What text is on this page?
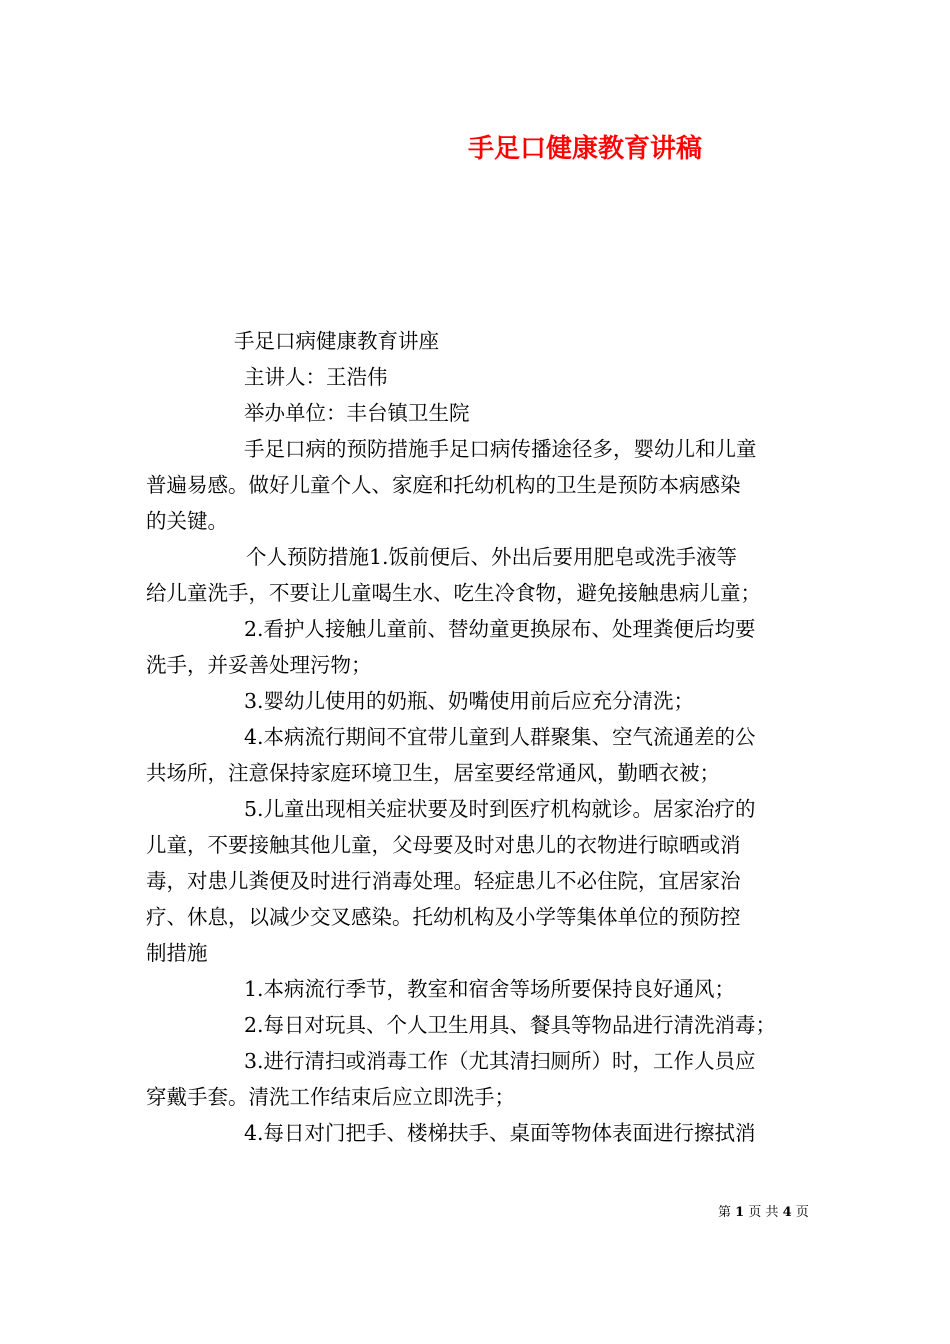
手足口健康教育讲稿
手足口病健康教育讲座
主讲人：王浩伟
举办单位：丰台镇卫生院
手足口病的预防措施手足口病传播途径多，婴幼儿和儿童
普遍易感。做好儿童个人、家庭和托幼机构的卫生是预防本病感染
的关键。
个人预防措施1.饭前便后、外出后要用肥皂或洗手液等
给儿童洗手，不要让儿童喝生水、吃生冷食物，避免接触患病儿童；
2.看护人接触儿童前、替幼童更换尿布、处理粪便后均要
洗手，并妥善处理污物；
3.婴幼儿使用的奶瓶、奶嘴使用前后应充分清洗；
4.本病流行期间不宜带儿童到人群聚集、空气流通差的公
共场所，注意保持家庭环境卫生，居室要经常通风，勤晒衣被；
5.儿童出现相关症状要及时到医疗机构就诊。居家治疗的
儿童，不要接触其他儿童，父母要及时对患儿的衣物进行晾晒或消
毒，对患儿粪便及时进行消毒处理。轻症患儿不必住院，宜居家治
疗、休息，以减少交叉感染。托幼机构及小学等集体单位的预防控
制措施
1.本病流行季节，教室和宿舍等场所要保持良好通风；
2.每日对玩具、个人卫生用具、餐具等物品进行清洗消毒；
3.进行清扫或消毒工作（尤其清扫厕所）时，工作人员应
穿戴手套。清洗工作结束后应立即洗手；
4.每日对门把手、楼梯扶手、桌面等物体表面进行擦拭消
第 1 页 共 4 页
